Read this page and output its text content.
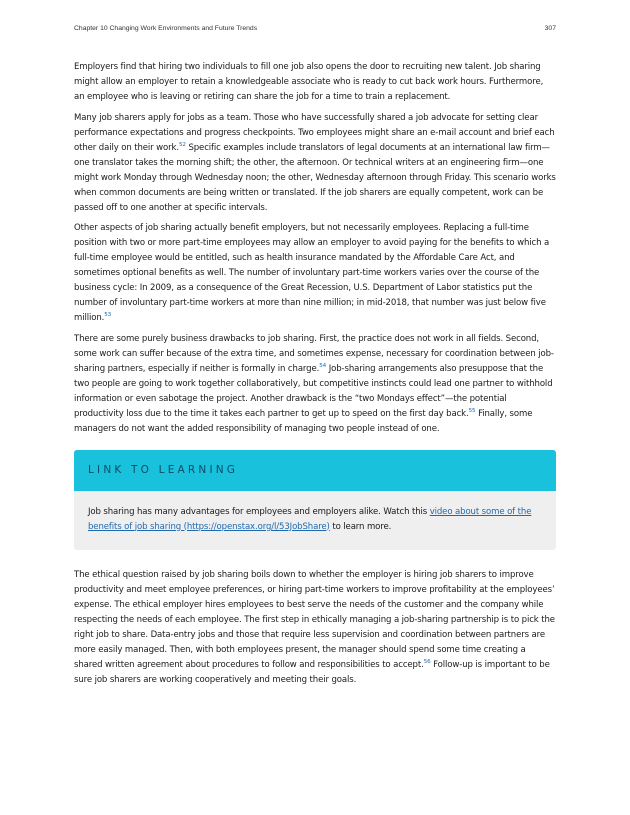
Chapter 10 Changing Work Environments and Future Trends	307

Employers find that hiring two individuals to fill one job also opens the door to recruiting new talent. Job sharing might allow an employer to retain a knowledgeable associate who is ready to cut back work hours. Furthermore, an employee who is leaving or retiring can share the job for a time to train a replacement.

Many job sharers apply for jobs as a team. Those who have successfully shared a job advocate for setting clear performance expectations and progress checkpoints. Two employees might share an e-mail account and brief each other daily on their work.$^{52}$ Specific examples include translators of legal documents at an international law firm—one translator takes the morning shift; the other, the afternoon. Or technical writers at an engineering firm—one might work Monday through Wednesday noon; the other, Wednesday afternoon through Friday. This scenario works when common documents are being written or translated. If the job sharers are equally competent, work can be passed off to one another at specific intervals.

Other aspects of job sharing actually benefit employers, but not necessarily employees. Replacing a full-time position with two or more part-time employees may allow an employer to avoid paying for the benefits to which a full-time employee would be entitled, such as health insurance mandated by the Affordable Care Act, and sometimes optional benefits as well. The number of involuntary part-time workers varies over the course of the business cycle: In 2009, as a consequence of the Great Recession, U.S. Department of Labor statistics put the number of involuntary part-time workers at more than nine million; in mid-2018, that number was just below five million.$^{53}$

There are some purely business drawbacks to job sharing. First, the practice does not work in all fields. Second, some work can suffer because of the extra time, and sometimes expense, necessary for coordination between job-sharing partners, especially if neither is formally in charge.$^{54}$ Job-sharing arrangements also presuppose that the two people are going to work together collaboratively, but competitive instincts could lead one partner to withhold information or even sabotage the project. Another drawback is the “two Mondays effect”—the potential productivity loss due to the time it takes each partner to get up to speed on the first day back.$^{55}$ Finally, some managers do not want the added responsibility of managing two people instead of one.

LINK TO LEARNING
Job sharing has many advantages for employees and employers alike. Watch this video about some of the benefits of job sharing (https://openstax.org/l/53JobShare) to learn more.

The ethical question raised by job sharing boils down to whether the employer is hiring job sharers to improve productivity and meet employee preferences, or hiring part-time workers to improve profitability at the employees’ expense. The ethical employer hires employees to best serve the needs of the customer and the company while respecting the needs of each employee. The first step in ethically managing a job-sharing partnership is to pick the right job to share. Data-entry jobs and those that require less supervision and coordination between partners are more easily managed. Then, with both employees present, the manager should spend some time creating a shared written agreement about procedures to follow and responsibilities to accept.$^{56}$ Follow-up is important to be sure job sharers are working cooperatively and meeting their goals.
